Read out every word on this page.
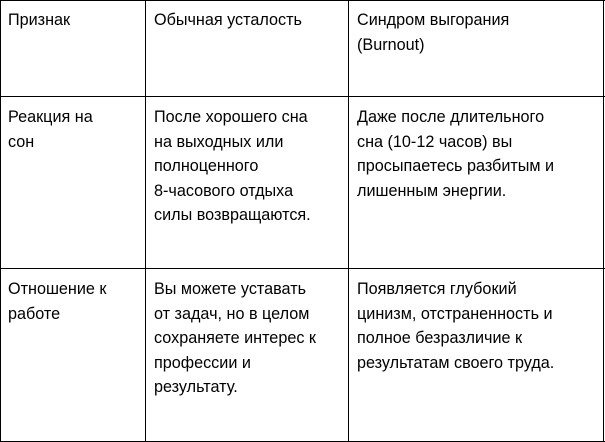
Признак	Обычная усталость	Синдром выгорания
(Burnout)
Реакция на
сон
После хорошего сна
на выходных или
полноценного
8-часового отдыха
силы возвращаются.
Даже после длительного
сна (10-12 часов) вы
просыпаетесь разбитым и
лишенным энергии.
Отношение к
работе
Вы можете уставать
от задач, но в целом
сохраняете интерес к
профессии и
результату.
Появляется глубокий
цинизм, отстраненность и
полное безразличие к
результатам своего труда.
